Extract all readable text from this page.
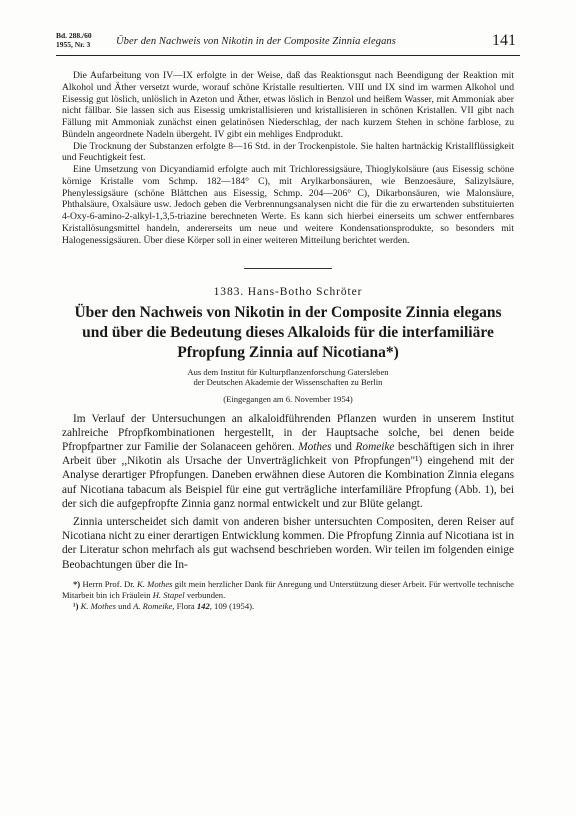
Bd. 288./60
1955, Nr. 3 Über den Nachweis von Nikotin in der Composite Zinnia elegans	141

Die Aufarbeitung von IV—IX erfolgte in der Weise, daß das Reaktionsgut nach Beendigung der Reaktion mit Alkohol und Äther versetzt wurde, worauf schöne Kristalle resultierten. VIII und IX sind im warmen Alkohol und Eisessig gut löslich, unlöslich in Azeton und Äther, etwas löslich in Benzol und heißem Wasser, mit Ammoniak aber nicht fällbar. Sie lassen sich aus Eisessig umkristallisieren und kristallisieren in schönen Kristallen. VII gibt nach Fällung mit Ammoniak zunächst einen gelatinösen Niederschlag, der nach kurzem Stehen in schöne farblose, zu Bündeln angeordnete Nadeln übergeht. IV gibt ein mehliges Endprodukt.

Die Trocknung der Substanzen erfolgte 8—16 Std. in der Trockenpistole. Sie halten hartnäckig Kristallflüssigkeit und Feuchtigkeit fest.

Eine Umsetzung von Dicyandiamid erfolgte auch mit Trichloressigsäure, Thioglykolsäure (aus Eisessig schöne körnige Kristalle vom Schmp. 182—184° C), mit Arylkarbonsäuren, wie Benzoesäure, Salizylsäure, Phenylessigsäure (schöne Blättchen aus Eisessig, Schmp. 204—206° C), Dikarbonsäuren, wie Malonsäure, Phthalsäure, Oxalsäure usw. Jedoch geben die Verbrennungsanalysen nicht die für die zu erwartenden substituierten 4-Oxy-6-amino-2-alkyl-1,3,5-triazine berechneten Werte. Es kann sich hierbei einerseits um schwer entfernbares Kristallösungsmittel handeln, andererseits um neue und weitere Kondensationsprodukte, so besonders mit Halogenessigsäuren. Über diese Körper soll in einer weiteren Mitteilung berichtet werden.

1383. Hans-Botho Schröter

Über den Nachweis von Nikotin in der Composite Zinnia elegans und über die Bedeutung dieses Alkaloids für die interfamiliäre Pfropfung Zinnia auf Nicotiana*)

Aus dem Institut für Kulturpflanzenforschung Gatersleben

der Deutschen Akademie der Wissenschaften zu Berlin

(Eingegangen am 6. November 1954)

Im Verlauf der Untersuchungen an alkaloidführenden Pflanzen wurden in unserem Institut zahlreiche Pfropfkombinationen hergestellt, in der Hauptsache solche, bei denen beide Pfropfpartner zur Familie der Solanaceen gehören. Mothes und Romeike beschäftigen sich in ihrer Arbeit über ,,Nikotin als Ursache der Unverträglichkeit von Pfropfungen"¹) eingehend mit der Analyse derartiger Pfropfungen. Daneben erwähnen diese Autoren die Kombination Zinnia elegans auf Nicotiana tabacum als Beispiel für eine gut verträgliche interfamiliäre Pfropfung (Abb. 1), bei der sich die aufgepfropfte Zinnia ganz normal entwickelt und zur Blüte gelangt.

Zinnia unterscheidet sich damit von anderen bisher untersuchten Compositen, deren Reiser auf Nicotiana nicht zu einer derartigen Entwicklung kommen. Die Pfropfung Zinnia auf Nicotiana ist in der Literatur schon mehrfach als gut wachsend beschrieben worden. Wir teilen im folgenden einige Beobachtungen über die In-

*) Herrn Prof. Dr. K. Mothes gilt mein herzlicher Dank für Anregung und Unterstützung dieser Arbeit. Für wertvolle technische Mitarbeit bin ich Fräulein H. Stapel verbunden.

¹) K. Mothes und A. Romeike, Flora 142, 109 (1954).
